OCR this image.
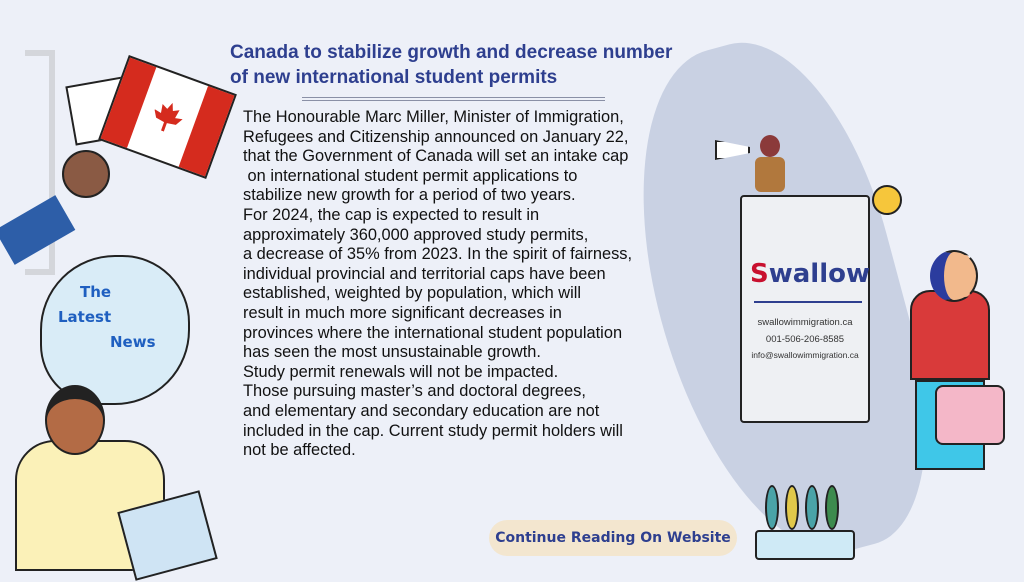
The
Latest
News
Canada to stabilize growth and decrease number
of new international student permits
The Honourable Marc Miller, Minister of Immigration,
Refugees and Citizenship announced on January 22,
that the Government of Canada will set an intake cap
on international student permit applications to
stabilize new growth for a period of two years.
For 2024, the cap is expected to result in
approximately 360,000 approved study permits,
a decrease of 35% from 2023. In the spirit of fairness,
individual provincial and territorial caps have been
established, weighted by population, which will
result in much more significant decreases in
provinces where the international student population
has seen the most unsustainable growth.
Study permit renewals will not be impacted.
Those pursuing master’s and doctoral degrees,
and elementary and secondary education are not
included in the cap. Current study permit holders will
not be affected.
Continue Reading On Website
Swallow
swallowimmigration.ca
001-506-206-8585
info@swallowimmigration.ca
